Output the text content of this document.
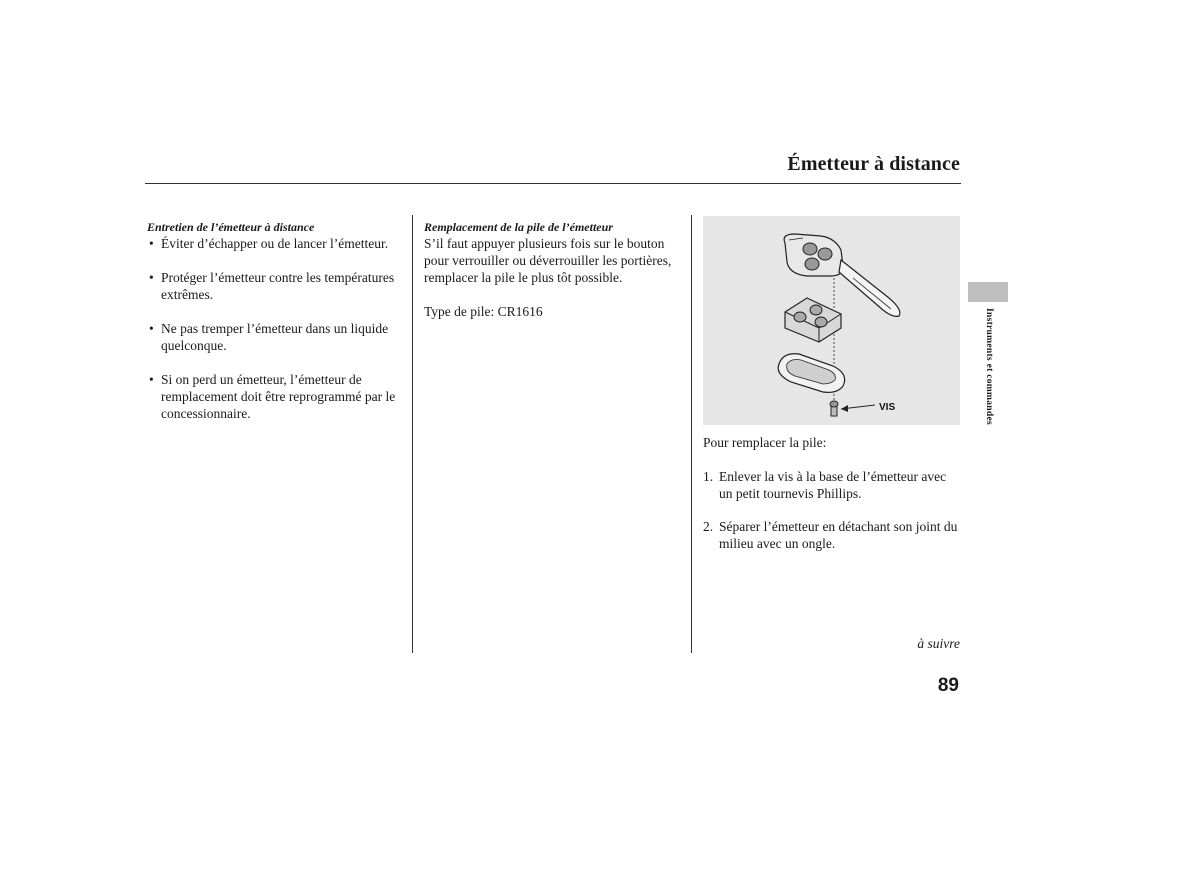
Émetteur à distance
Entretien de l’émetteur à distance
• Éviter d’échapper ou de lancer l’émetteur.
• Protéger l’émetteur contre les températures extrêmes.
• Ne pas tremper l’émetteur dans un liquide quelconque.
• Si on perd un émetteur, l’émetteur de remplacement doit être reprogrammé par le concessionnaire.
Remplacement de la pile de l’émetteur

S’il faut appuyer plusieurs fois sur le bouton pour verrouiller ou déverrouiller les portières, remplacer la pile le plus tôt possible.

Type de pile: CR1616

VIS

Pour remplacer la pile:

1. Enlever la vis à la base de l’émetteur avec un petit tournevis Phillips.
2. Séparer l’émetteur en détachant son joint du milieu avec un ongle.
à suivre
89
Instruments et commandes
